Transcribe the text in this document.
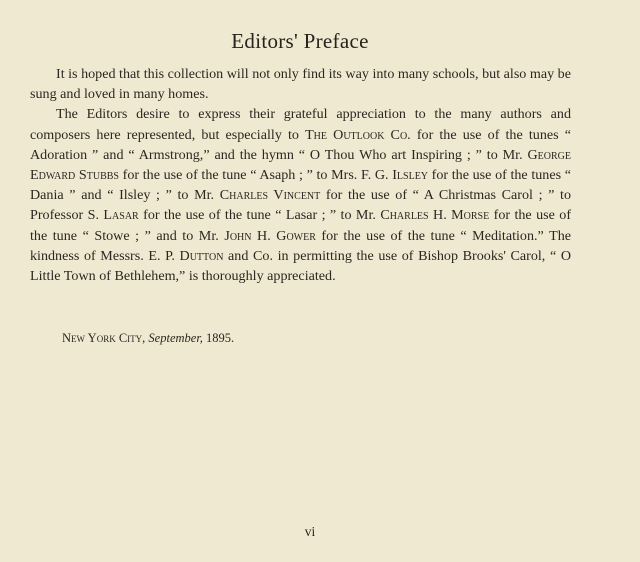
Editors' Preface

It is hoped that this collection will not only find its way into many schools, but also may be sung and loved in many homes.

The Editors desire to express their grateful appreciation to the many authors and composers here represented, but especially to The Outlook Co. for the use of the tunes “ Adoration ” and “ Armstrong,” and the hymn “ O Thou Who art Inspiring ; ” to Mr. George Edward Stubbs for the use of the tune “ Asaph ; ” to Mrs. F. G. Ilsley for the use of the tunes “ Dania ” and “ Ilsley ; ” to Mr. Charles Vincent for the use of “ A Christmas Carol ; ” to Professor S. Lasar for the use of the tune “ Lasar ; ” to Mr. Charles H. Morse for the use of the tune “ Stowe ; ” and to Mr. John H. Gower for the use of the tune “ Meditation.” The kindness of Messrs. E. P. Dutton and Co. in permitting the use of Bishop Brooks' Carol, “ O Little Town of Bethlehem,” is thoroughly appreciated.

New York City, September, 1895.
vi
